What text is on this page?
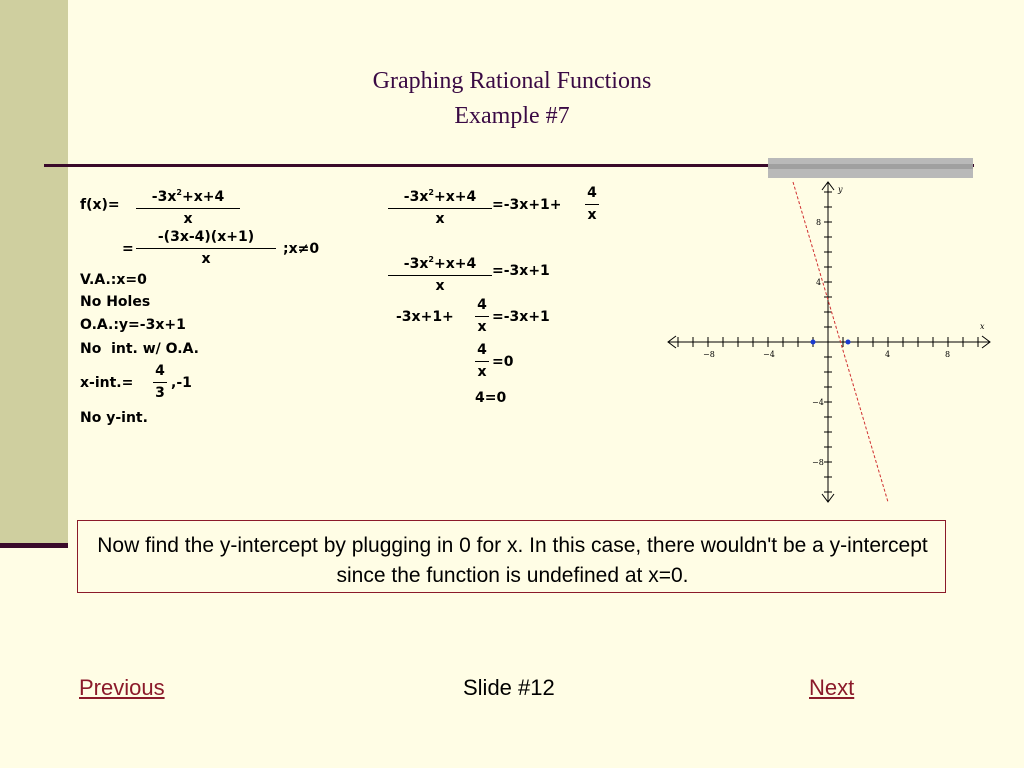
Graphing Rational Functions
Example #7
$f(x)= -3x^2+x+4$
x
=
-(3x-4)(x+1)
x
;x≠0
V.A.:x=0
No Holes
O.A.:y=-3x+1
No  int. w/ O.A.
x-int.=
4
3
,-1
No y-int.
$-3x^2+x+4$
x
=-3x+1+
4
x
$-3x^2+x+4$
x
=-3x+1
-3x+1+
4
x
=-3x+1
4
x
=0
4=0
x
y
−8	−4	4	8
8
4
−4
−8
Now find the y-intercept by plugging in 0 for x. In this case, there wouldn't be a y-intercept since the function is undefined at x=0.
Previous	Slide #12	Next
